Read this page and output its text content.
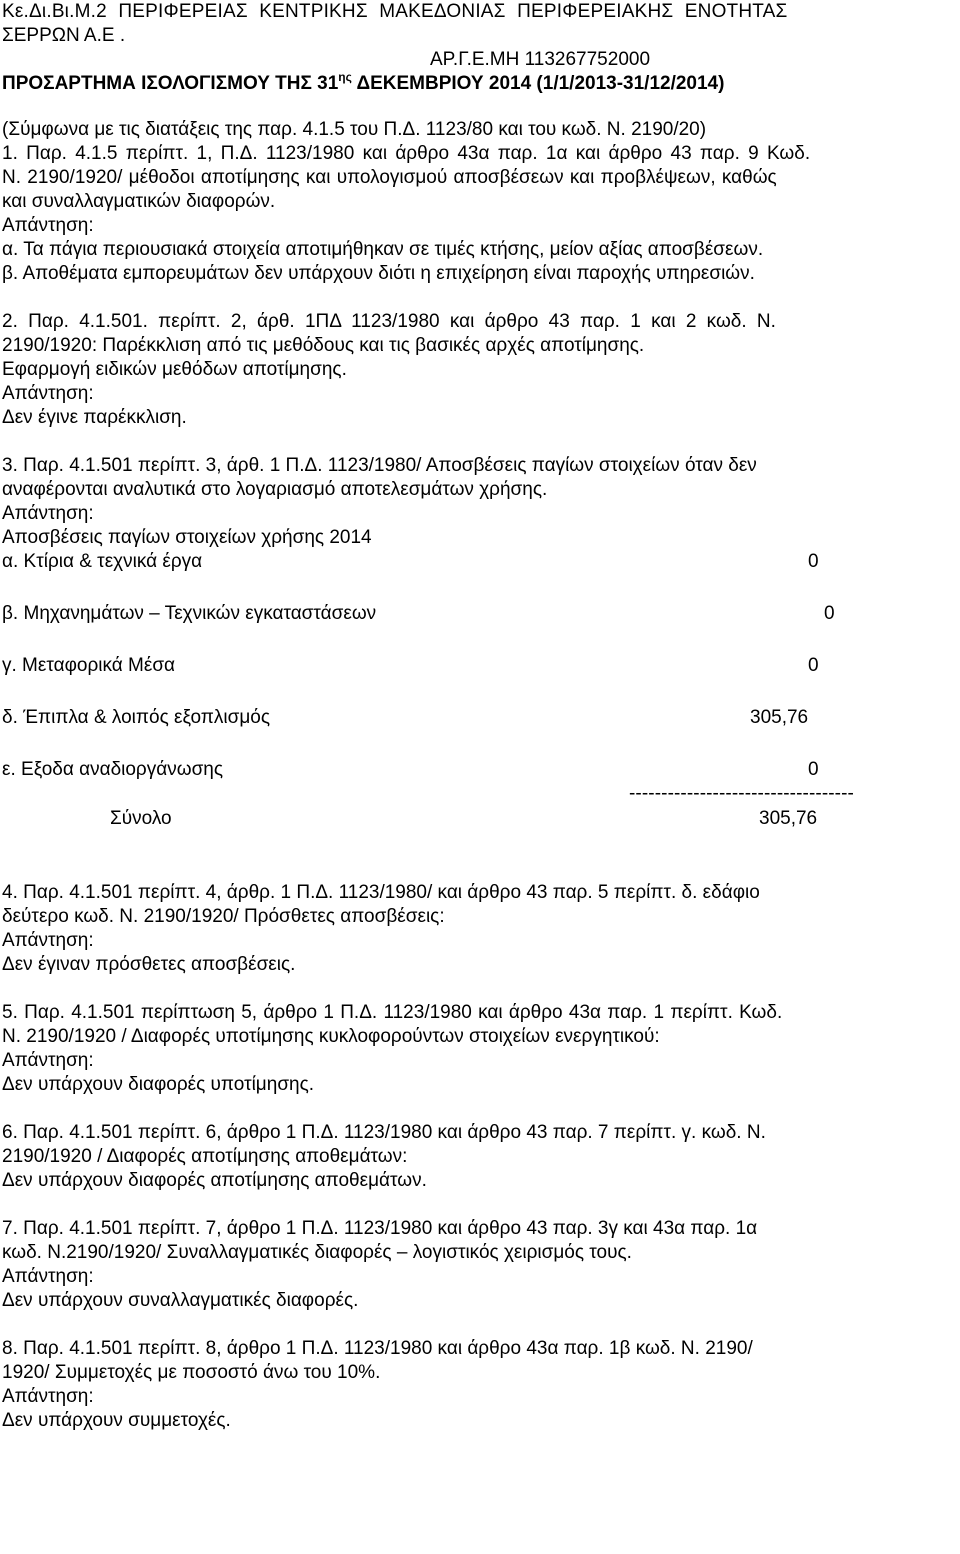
Κε.Δι.Βι.Μ.2 ΠΕΡΙΦΕΡΕΙΑΣ ΚΕΝΤΡΙΚΗΣ ΜΑΚΕΔΟΝΙΑΣ ΠΕΡΙΦΕΡΕΙΑΚΗΣ ΕΝΟΤΗΤΑΣ
ΣΕΡΡΩΝ Α.Ε .
ΑΡ.Γ.Ε.ΜΗ 113267752000
ΠΡΟΣΑΡΤΗΜΑ ΙΣΟΛΟΓΙΣΜΟΥ ΤΗΣ $31^{\eta\varsigma}$ ΔΕΚΕΜΒΡΙΟΥ 2014 (1/1/2013-31/12/2014)
(Σύμφωνα με τις διατάξεις της παρ. 4.1.5 του Π.Δ. 1123/80 και του κωδ. Ν. 2190/20)
1. Παρ. 4.1.5 περίπτ. 1, Π.Δ. 1123/1980 και άρθρο 43α παρ. 1α και άρθρο 43 παρ. 9 Κωδ.
Ν. 2190/1920/ μέθοδοι αποτίμησης και υπολογισμού αποσβέσεων και προβλέψεων, καθώς
και συναλλαγματικών διαφορών.
Απάντηση:
α. Τα πάγια περιουσιακά στοιχεία αποτιμήθηκαν σε τιμές κτήσης, μείον αξίας αποσβέσεων.
β. Αποθέματα εμπορευμάτων δεν υπάρχουν διότι η επιχείρηση είναι παροχής υπηρεσιών.
2. Παρ. 4.1.501. περίπτ. 2, άρθ. 1ΠΔ 1123/1980 και άρθρο 43 παρ. 1 και 2 κωδ. Ν.
2190/1920: Παρέκκλιση από τις μεθόδους και τις βασικές αρχές αποτίμησης.
Εφαρμογή ειδικών μεθόδων αποτίμησης.
Απάντηση:
Δεν έγινε παρέκκλιση.
3. Παρ. 4.1.501 περίπτ. 3, άρθ. 1 Π.Δ. 1123/1980/ Αποσβέσεις παγίων στοιχείων όταν δεν
αναφέρονται αναλυτικά στο λογαριασμό αποτελεσμάτων χρήσης.
Απάντηση:
Αποσβέσεις παγίων στοιχείων χρήσης 2014
α. Κτίρια & τεχνικά έργα	0
β. Μηχανημάτων – Τεχνικών εγκαταστάσεων	0
γ. Μεταφορικά Μέσα	0
δ. Έπιπλα & λοιπός εξοπλισμός	305,76
ε. Εξοδα αναδιοργάνωσης	0
-----------------------------------
Σύνολο	305,76
4. Παρ. 4.1.501 περίπτ. 4, άρθρ. 1 Π.Δ. 1123/1980/ και άρθρο 43 παρ. 5 περίπτ. δ. εδάφιο
δεύτερο κωδ. Ν. 2190/1920/ Πρόσθετες αποσβέσεις:
Απάντηση:
Δεν έγιναν πρόσθετες αποσβέσεις.
5. Παρ. 4.1.501 περίπτωση 5, άρθρο 1 Π.Δ. 1123/1980 και άρθρο 43α παρ. 1 περίπτ. Κωδ.
Ν. 2190/1920 / Διαφορές υποτίμησης κυκλοφορούντων στοιχείων ενεργητικού:
Απάντηση:
Δεν υπάρχουν διαφορές υποτίμησης.
6. Παρ. 4.1.501 περίπτ. 6, άρθρο 1 Π.Δ. 1123/1980 και άρθρο 43 παρ. 7 περίπτ. γ. κωδ. Ν.
2190/1920 / Διαφορές αποτίμησης αποθεμάτων:
Δεν υπάρχουν διαφορές αποτίμησης αποθεμάτων.
7. Παρ. 4.1.501 περίπτ. 7, άρθρο 1 Π.Δ. 1123/1980 και άρθρο 43 παρ. 3γ και 43α παρ. 1α
κωδ. Ν.2190/1920/ Συναλλαγματικές διαφορές – λογιστικός χειρισμός τους.
Απάντηση:
Δεν υπάρχουν συναλλαγματικές διαφορές.
8. Παρ. 4.1.501 περίπτ. 8, άρθρο 1 Π.Δ. 1123/1980 και άρθρο 43α παρ. 1β κωδ. Ν. 2190/
1920/ Συμμετοχές με ποσοστό άνω του 10%.
Απάντηση:
Δεν υπάρχουν συμμετοχές.
